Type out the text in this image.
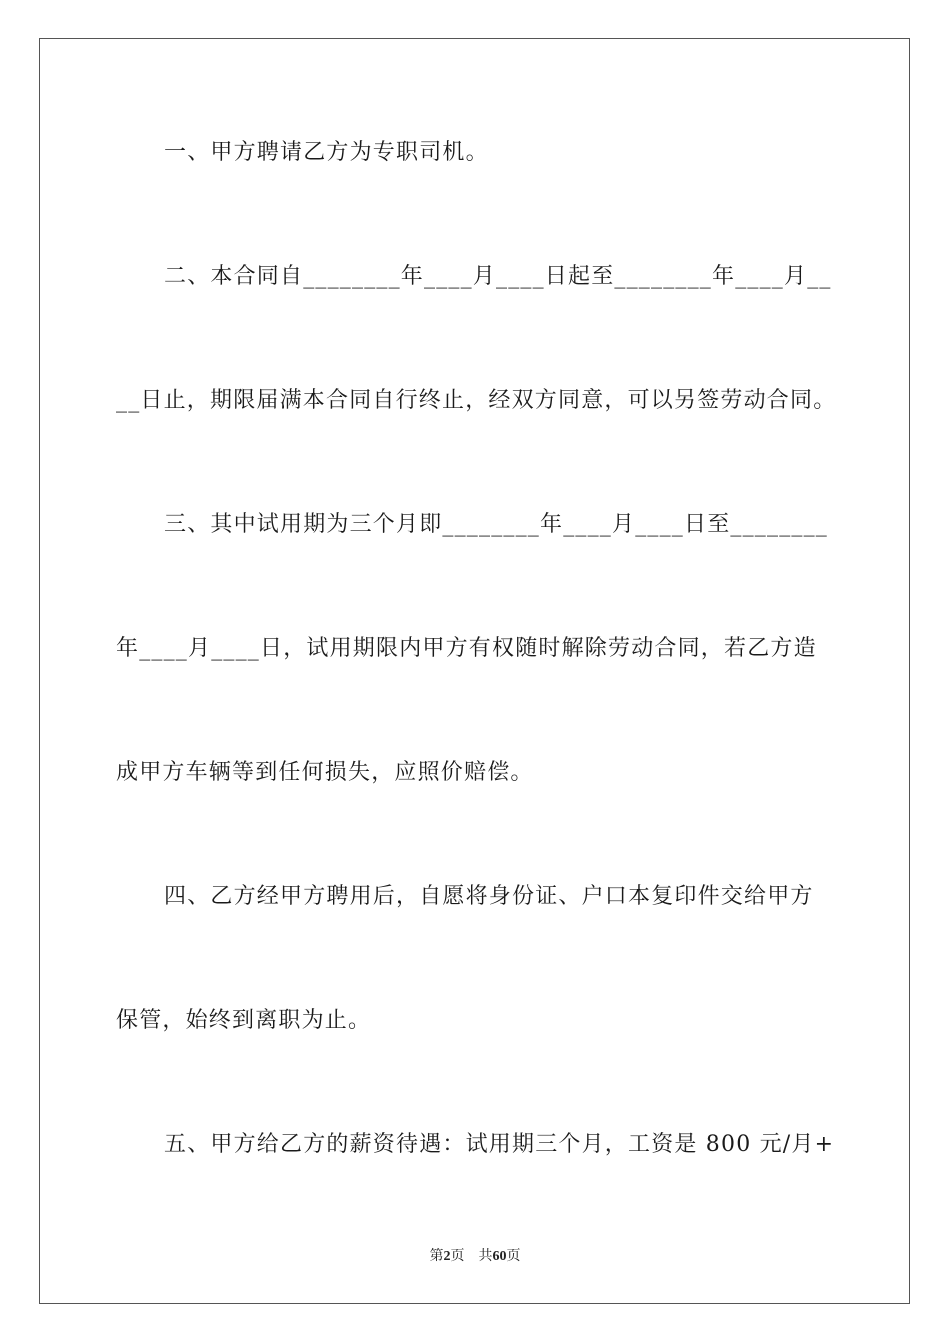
一、甲方聘请乙方为专职司机。
二、本合同自________年____月____日起至________年____月__
__日止，期限届满本合同自行终止，经双方同意，可以另签劳动合同。
三、其中试用期为三个月即________年____月____日至________
年____月____日，试用期限内甲方有权随时解除劳动合同，若乙方造
成甲方车辆等到任何损失，应照价赔偿。
四、乙方经甲方聘用后，自愿将身份证、户口本复印件交给甲方
保管，始终到离职为止。
五、甲方给乙方的薪资待遇：试用期三个月，工资是 800 元/月+
第2页 共60页
